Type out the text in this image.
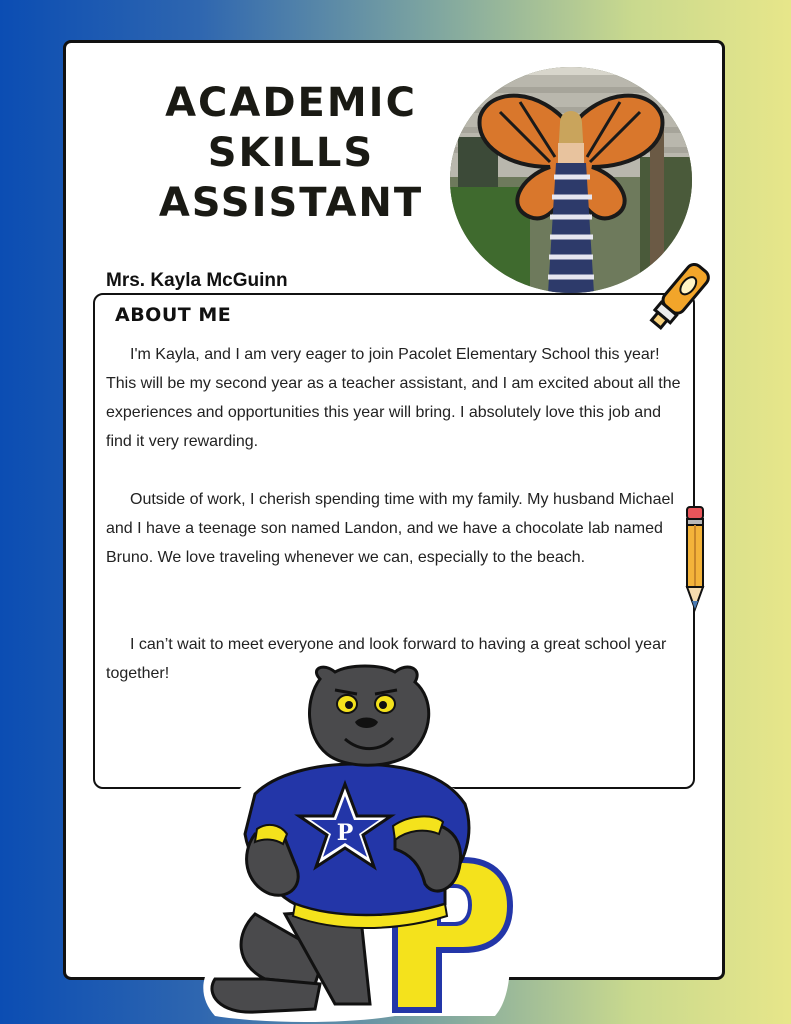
ACADEMIC SKILLS
ASSISTANT

Mrs. Kayla McGuinn

ABOUT ME

I'm Kayla, and I am very eager to join Pacolet Elementary School this year! This will be my second year as a teacher assistant, and I am excited about all the experiences and opportunities this year will bring. I absolutely love this job and find it very rewarding.

Outside of work, I cherish spending time with my family. My husband Michael and I have a teenage son named Landon, and we have a chocolate lab named Bruno. We love traveling whenever we can, especially to the beach.

I can’t wait to meet everyone and look forward to having a great school year together!

P
